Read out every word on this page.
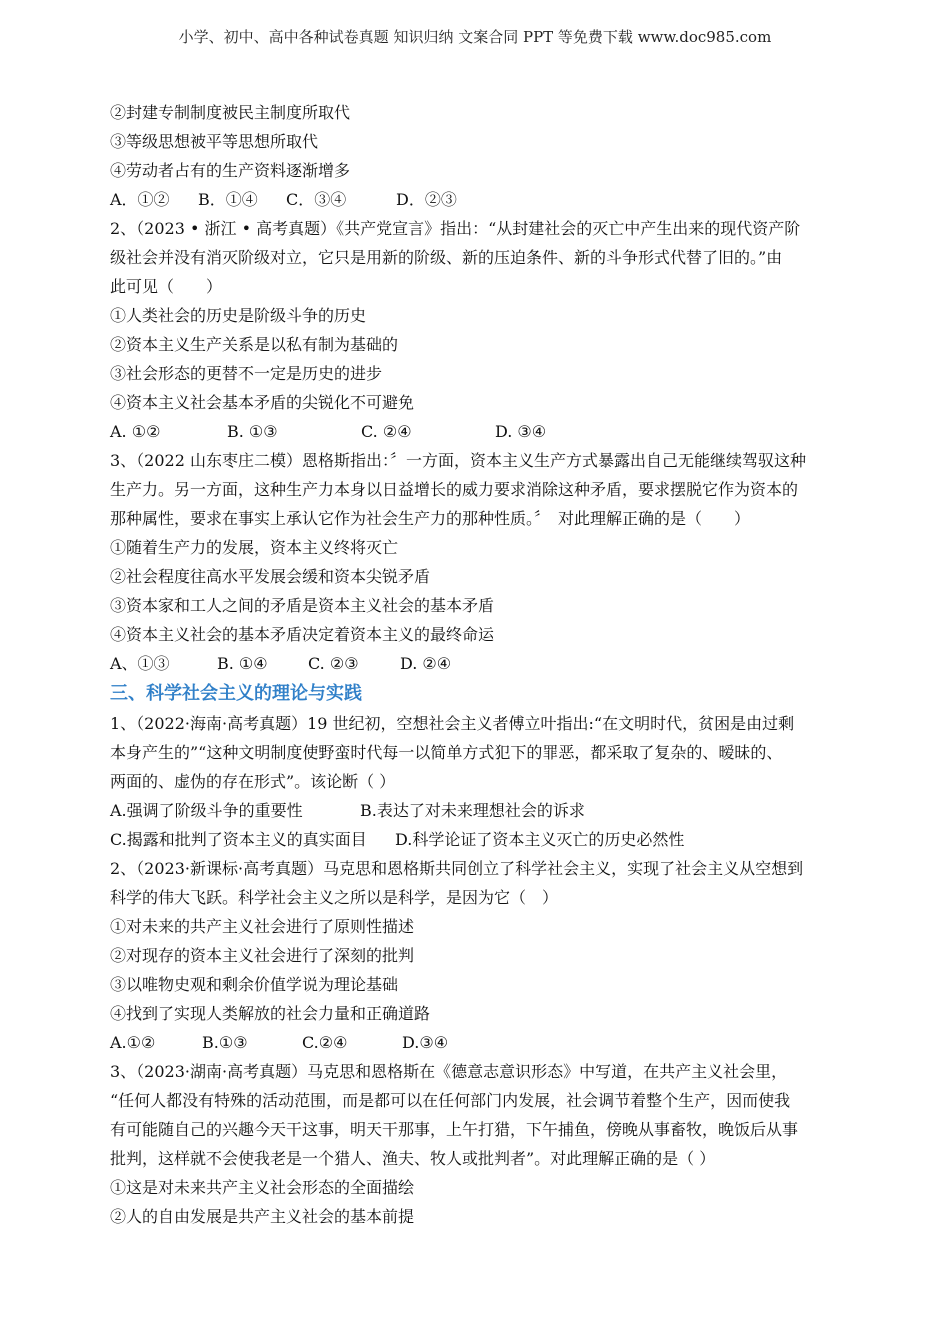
小学、初中、高中各种试卷真题 知识归纳 文案合同 PPT 等免费下载 www.doc985.com
②封建专制制度被民主制度所取代
③等级思想被平等思想所取代
④劳动者占有的生产资料逐渐增多
A．①②	B．①④	C．③④	D．②③
2、（2023 • 浙江 • 高考真题）《共产党宣言》指出：“从封建社会的灭亡中产生出来的现代资产阶
级社会并没有消灭阶级对立，它只是用新的阶级、新的压迫条件、新的斗争形式代替了旧的。”由
此可见（　　）
①人类社会的历史是阶级斗争的历史
②资本主义生产关系是以私有制为基础的
③社会形态的更替不一定是历史的进步
④资本主义社会基本矛盾的尖锐化不可避免
A. ①②	B. ①③	C. ②④	D. ③④
3、（2022 山东枣庄二模）恩格斯指出：〞一方面，资本主义生产方式暴露出自己无能继续驾驭这种
生产力。另一方面，这种生产力本身以日益增长的威力要求消除这种矛盾，要求摆脱它作为资本的
那种属性，要求在事实上承认它作为社会生产力的那种性质。〞　对此理解正确的是（　　）
①随着生产力的发展，资本主义终将灭亡
②社会程度往高水平发展会缓和资本尖锐矛盾
③资本家和工人之间的矛盾是资本主义社会的基本矛盾
④资本主义社会的基本矛盾决定着资本主义的最终命运
A、①③	B. ①④	C. ②③	D. ②④
三、科学社会主义的理论与实践
1、（2022·海南·高考真题）19 世纪初，空想社会主义者傅立叶指出:“在文明时代，贫困是由过剩
本身产生的”“这种文明制度使野蛮时代每一以简单方式犯下的罪恶，都采取了复杂的、暧昧的、
两面的、虚伪的存在形式”。该论断（ ）
A.强调了阶级斗争的重要性	B.表达了对未来理想社会的诉求
C.揭露和批判了资本主义的真实面目	D.科学论证了资本主义灭亡的历史必然性
2、（2023·新课标·高考真题）马克思和恩格斯共同创立了科学社会主义，实现了社会主义从空想到
科学的伟大飞跃。科学社会主义之所以是科学，是因为它（　）
①对未来的共产主义社会进行了原则性描述
②对现存的资本主义社会进行了深刻的批判
③以唯物史观和剩余价值学说为理论基础
④找到了实现人类解放的社会力量和正确道路
A.①②	B.①③	C.②④	D.③④
3、（2023·湖南·高考真题）马克思和恩格斯在《德意志意识形态》中写道，在共产主义社会里，
“任何人都没有特殊的活动范围，而是都可以在任何部门内发展，社会调节着整个生产，因而使我
有可能随自己的兴趣今天干这事，明天干那事，上午打猎，下午捕鱼，傍晚从事畜牧，晚饭后从事
批判，这样就不会使我老是一个猎人、渔夫、牧人或批判者”。对此理解正确的是（ ）
①这是对未来共产主义社会形态的全面描绘
②人的自由发展是共产主义社会的基本前提
